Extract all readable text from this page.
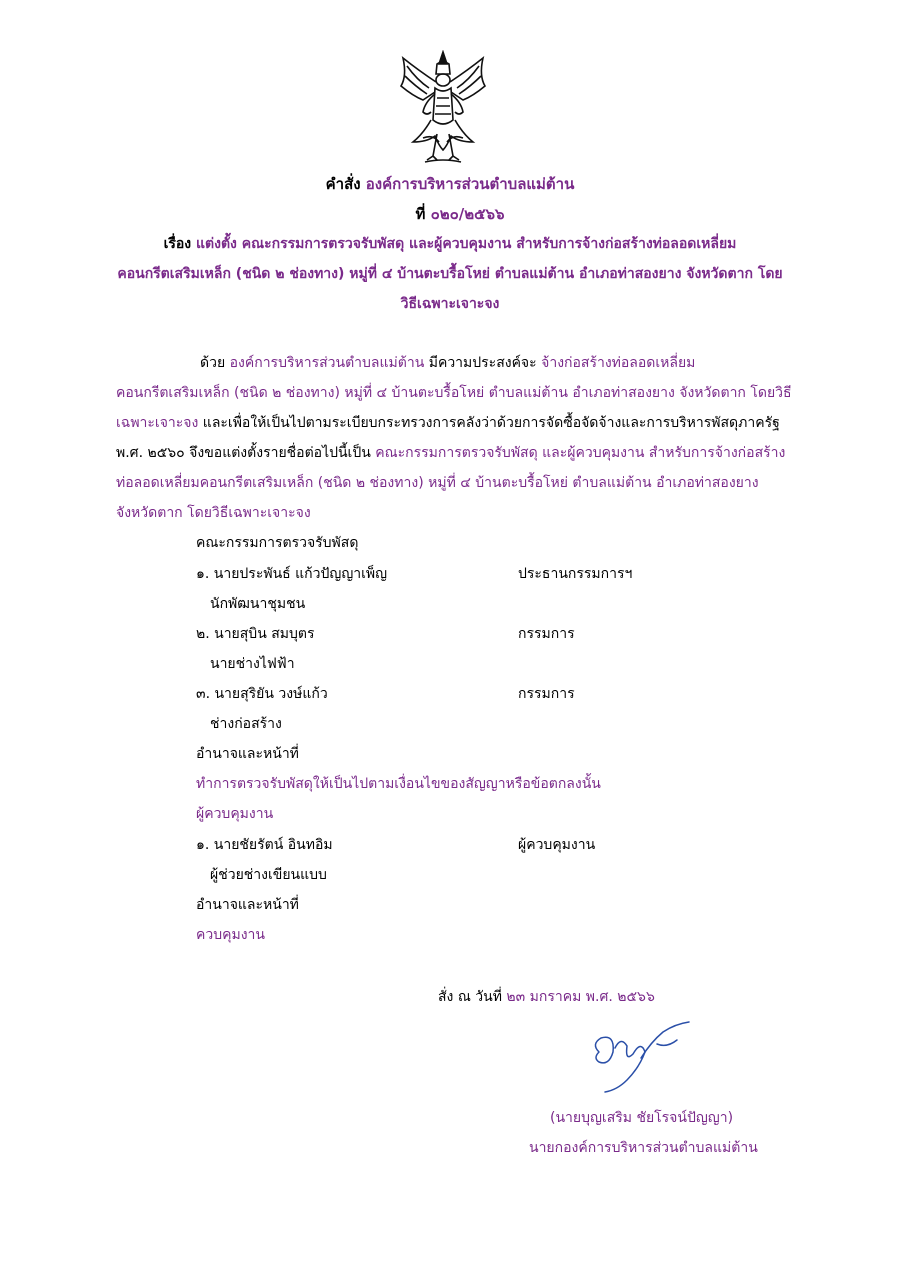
คำสั่ง องค์การบริหารส่วนตำบลแม่ต้าน
ที่ ๐๒๐/๒๕๖๖
เรื่อง แต่งตั้ง คณะกรรมการตรวจรับพัสดุ และผู้ควบคุมงาน สำหรับการจ้างก่อสร้างท่อลอดเหลี่ยม
คอนกรีตเสริมเหล็ก (ชนิด ๒ ช่องทาง) หมู่ที่ ๔ บ้านตะบรื้อโหย่ ตำบลแม่ต้าน อำเภอท่าสองยาง จังหวัดตาก โดย
วิธีเฉพาะเจาะจง
ด้วย องค์การบริหารส่วนตำบลแม่ต้าน มีความประสงค์จะ จ้างก่อสร้างท่อลอดเหลี่ยม
คอนกรีตเสริมเหล็ก (ชนิด ๒ ช่องทาง) หมู่ที่ ๔ บ้านตะบรื้อโหย่ ตำบลแม่ต้าน อำเภอท่าสองยาง จังหวัดตาก โดยวิธี
เฉพาะเจาะจง และเพื่อให้เป็นไปตามระเบียบกระทรวงการคลังว่าด้วยการจัดซื้อจัดจ้างและการบริหารพัสดุภาครัฐ
พ.ศ. ๒๕๖๐ จึงขอแต่งตั้งรายชื่อต่อไปนี้เป็น คณะกรรมการตรวจรับพัสดุ และผู้ควบคุมงาน สำหรับการจ้างก่อสร้าง
ท่อลอดเหลี่ยมคอนกรีตเสริมเหล็ก (ชนิด ๒ ช่องทาง) หมู่ที่ ๔ บ้านตะบรื้อโหย่ ตำบลแม่ต้าน อำเภอท่าสองยาง
จังหวัดตาก โดยวิธีเฉพาะเจาะจง
คณะกรรมการตรวจรับพัสดุ
๑. นายประพันธ์ แก้วปัญญาเพ็ญ	ประธานกรรมการฯ
นักพัฒนาชุมชน
๒. นายสุบิน สมบุตร	กรรมการ
นายช่างไฟฟ้า
๓. นายสุริยัน วงษ์แก้ว	กรรมการ
ช่างก่อสร้าง
อำนาจและหน้าที่
ทำการตรวจรับพัสดุให้เป็นไปตามเงื่อนไขของสัญญาหรือข้อตกลงนั้น
ผู้ควบคุมงาน
๑. นายชัยรัตน์ อินทอิม	ผู้ควบคุมงาน
ผู้ช่วยช่างเขียนแบบ
อำนาจและหน้าที่
ควบคุมงาน
สั่ง ณ วันที่ ๒๓ มกราคม พ.ศ. ๒๕๖๖
(นายบุญเสริม ชัยโรจน์ปัญญา)
นายกองค์การบริหารส่วนตำบลแม่ต้าน
